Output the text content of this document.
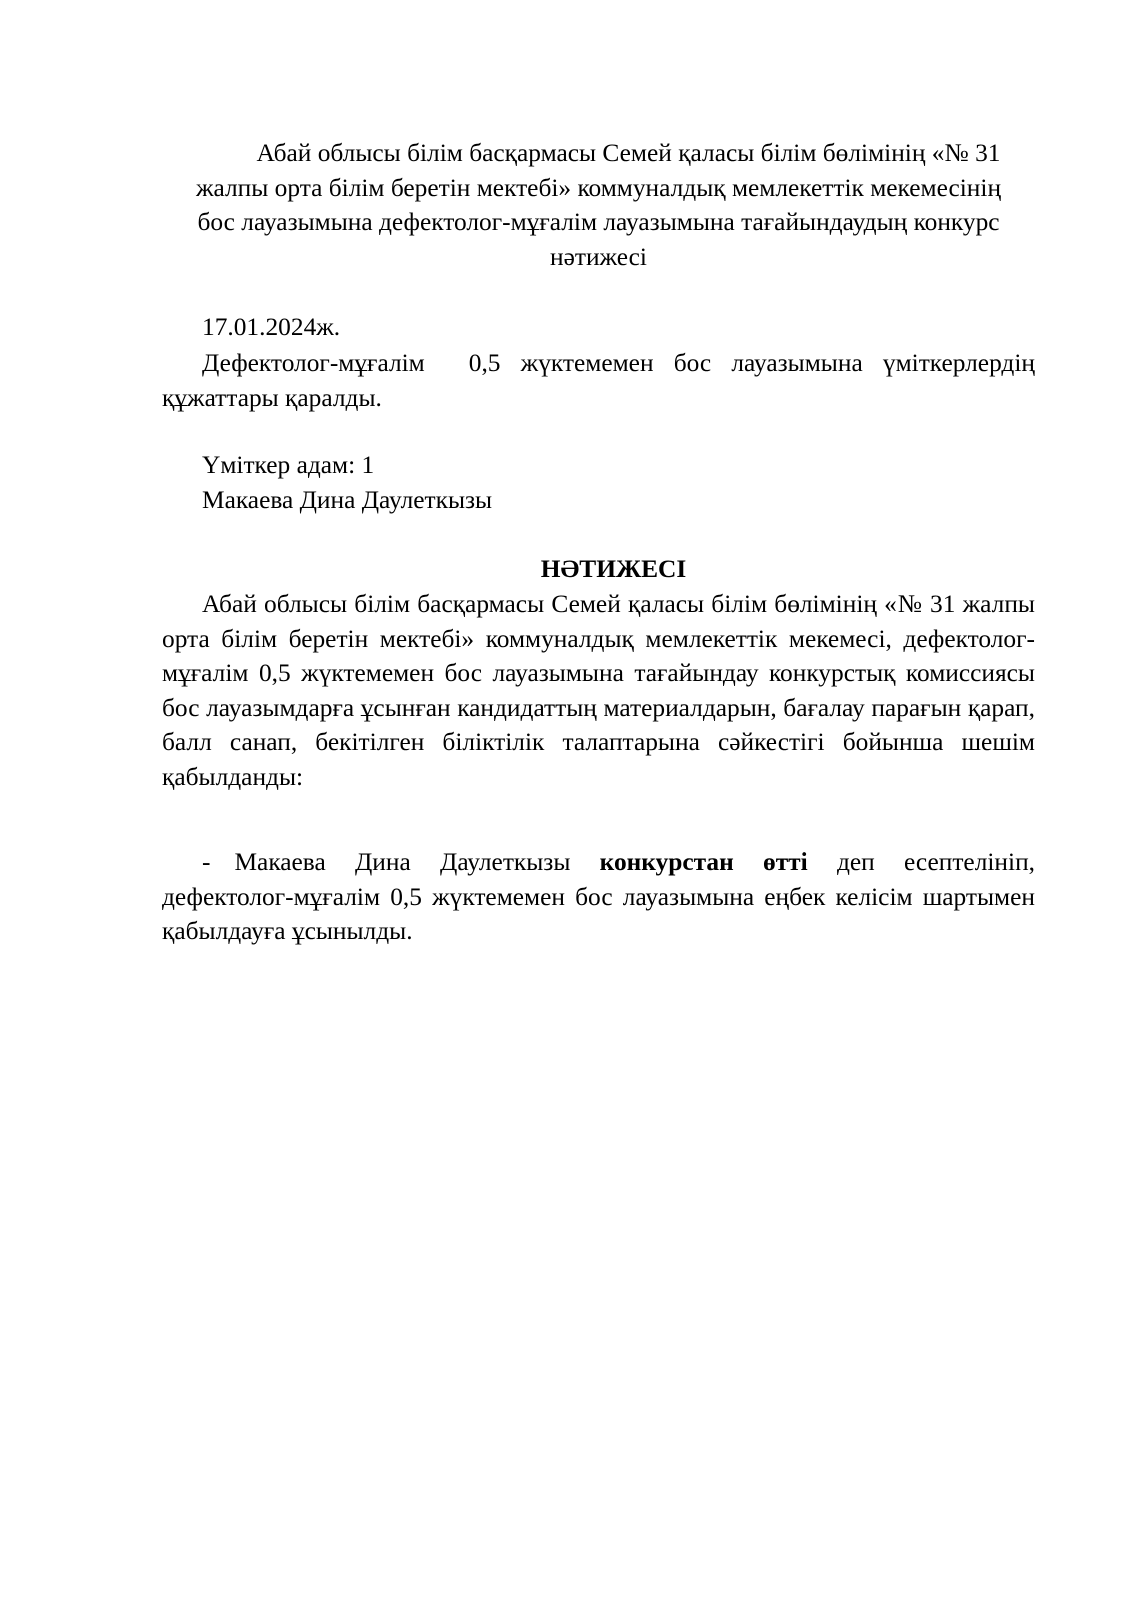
Абай облысы білім басқармасы Семей қаласы білім бөлімінің «№ 31
жалпы орта білім беретін мектебі» коммуналдық мемлекеттік мекемесінің
бос лауазымына дефектолог-мұғалім лауазымына тағайындаудың конкурс
нәтижесі
17.01.2024ж.
Дефектолог-мұғалім 0,5 жүктемемен бос лауазымына үміткерлердің құжаттары қаралды.
Үміткер адам: 1
Макаева Дина Даулеткызы
НӘТИЖЕСІ
Абай облысы білім басқармасы Семей қаласы білім бөлімінің «№ 31 жалпы орта білім беретін мектебі» коммуналдық мемлекеттік мекемесі, дефектолог-мұғалім 0,5 жүктемемен бос лауазымына тағайындау конкурстық комиссиясы бос лауазымдарға ұсынған кандидаттың материалдарын, бағалау парағын қарап, балл санап, бекітілген біліктілік талаптарына сәйкестігі бойынша шешім қабылданды:
- Макаева Дина Даулеткызы конкурстан өтті деп есептелініп, дефектолог-мұғалім 0,5 жүктемемен бос лауазымына еңбек келісім шартымен қабылдауға ұсынылды.
